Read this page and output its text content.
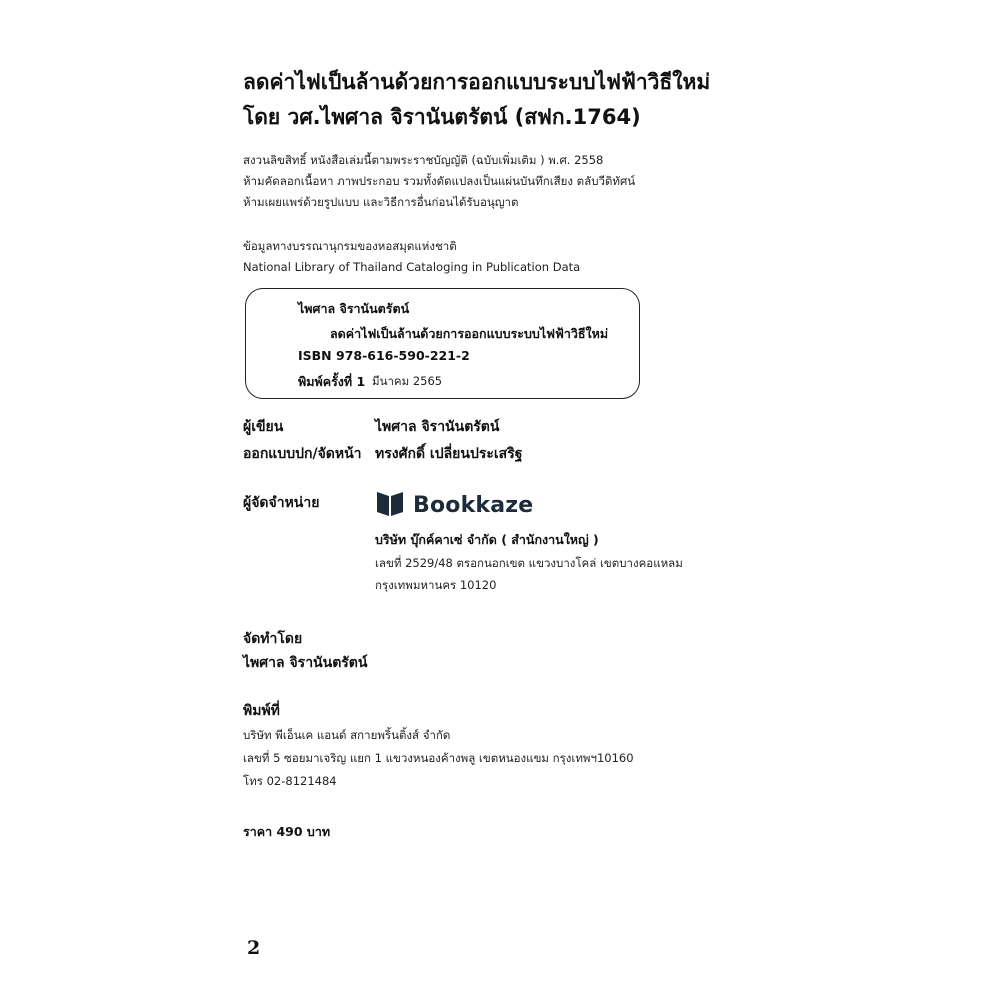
ลดค่าไฟเป็นล้านด้วยการออกแบบระบบไฟฟ้าวิธีใหม่
โดย วศ.ไพศาล จิรานันตรัตน์ (สฟก.1764)
สงวนลิขสิทธิ์ หนังสือเล่มนี้ตามพระราชบัญญัติ (ฉบับเพิ่มเติม ) พ.ศ. 2558
ห้ามคัดลอกเนื้อหา ภาพประกอบ รวมทั้งดัดแปลงเป็นแผ่นบันทึกเสียง ตลับวีดิทัศน์
ห้ามเผยแพร่ด้วยรูปแบบ และวิธีการอื่นก่อนได้รับอนุญาต
ข้อมูลทางบรรณานุกรมของหอสมุดแห่งชาติ
National Library of Thailand Cataloging in Publication Data
ไพศาล จิรานันตรัตน์
ลดค่าไฟเป็นล้านด้วยการออกแบบระบบไฟฟ้าวิธีใหม่
ISBN 978-616-590-221-2
พิมพ์ครั้งที่ 1 มีนาคม 2565
ผู้เขียน	ไพศาล จิรานันตรัตน์
ออกแบบปก/จัดหน้า ทรงศักดิ์ เปลี่ยนประเสริฐ
ผู้จัดจำหน่าย	Bookkaze
บริษัท บุ๊กค์คาเซ่ จำกัด ( สำนักงานใหญ่ )
เลขที่ 2529/48 ตรอกนอกเขต แขวงบางโคล่ เขตบางคอแหลม
กรุงเทพมหานคร 10120
จัดทำโดย
ไพศาล จิรานันตรัตน์
พิมพ์ที่
บริษัท พีเอ็นเค แอนด์ สกายพริ้นติ้งส์ จำกัด
เลขที่ 5 ซอยมาเจริญ แยก 1 แขวงหนองค้างพลู เขตหนองแขม กรุงเทพฯ10160
โทร 02-8121484
ราคา 490 บาท
2
